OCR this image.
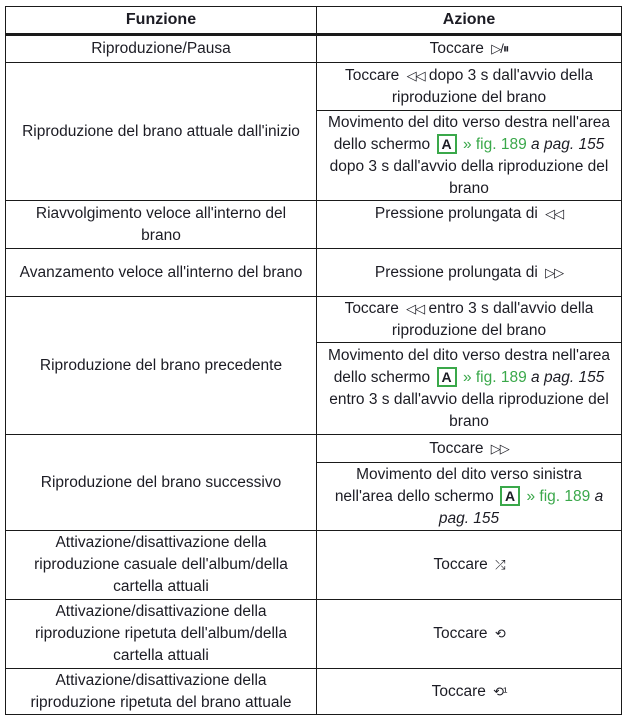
Funzione	Azione
Riproduzione/Pausa	Toccare ▷/⏸
Riproduzione del brano attuale dall'inizio	Toccare ◁◁ dopo 3 s dall'avvio della riproduzione del brano
	Movimento del dito verso destra nell'area dello schermo A » fig. 189 a pag. 155 dopo 3 s dall'avvio della riproduzione del brano
Riavvolgimento veloce all'interno del brano	Pressione prolungata di ◁◁
Avanzamento veloce all'interno del brano	Pressione prolungata di ▷▷
Riproduzione del brano precedente	Toccare ◁◁ entro 3 s dall'avvio della riproduzione del brano
	Movimento del dito verso destra nell'area dello schermo A » fig. 189 a pag. 155 entro 3 s dall'avvio della riproduzione del brano
Riproduzione del brano successivo	Toccare ▷▷
	Movimento del dito verso sinistra nell'area dello schermo A » fig. 189 a pag. 155
Attivazione/disattivazione della riproduzione casuale dell'album/della cartella attuali	Toccare ⤮
Attivazione/disattivazione della riproduzione ripetuta dell'album/della cartella attuali	Toccare ⟲
Attivazione/disattivazione della riproduzione ripetuta del brano attuale	Toccare ⟲¹
